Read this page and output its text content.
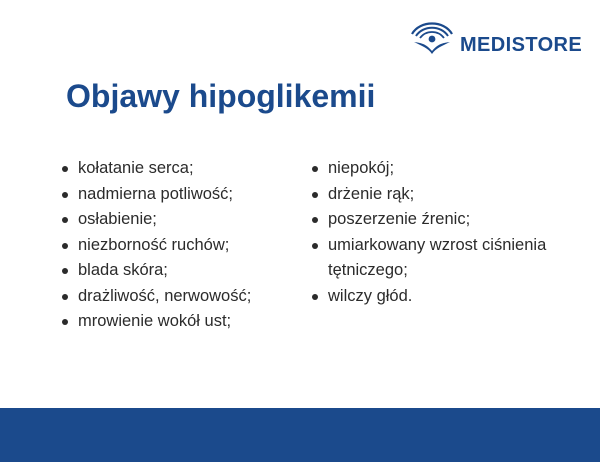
MEDISTORE
Objawy hipoglikemii
kołatanie serca;
nadmierna potliwość;
osłabienie;
niezborność ruchów;
blada skóra;
drażliwość, nerwowość;
mrowienie wokół ust;
niepokój;
drżenie rąk;
poszerzenie źrenic;
umiarkowany wzrost ciśnienia tętniczego;
wilczy głód.
